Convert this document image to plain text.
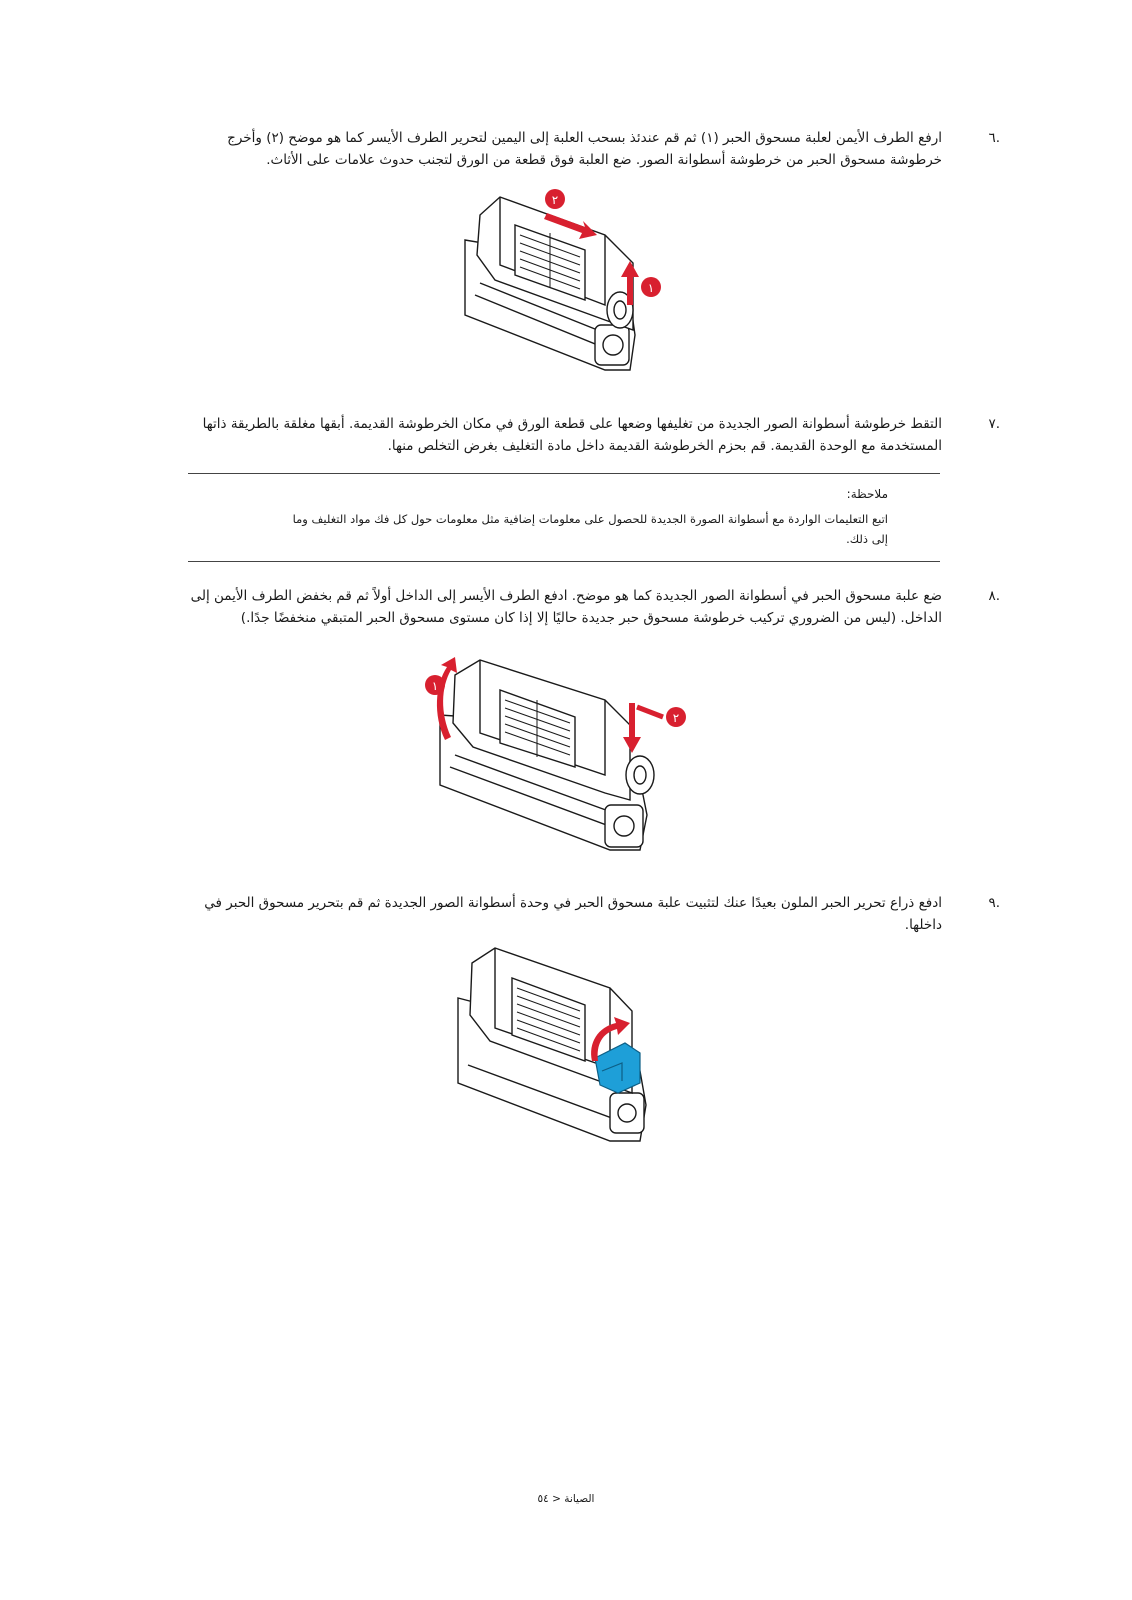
.٦

ارفع الطرف الأيمن لعلبة مسحوق الحبر (١) ثم قم عندئذ بسحب العلبة إلى اليمين لتحرير الطرف الأيسر كما هو موضح (٢) وأخرج

خرطوشة مسحوق الحبر من خرطوشة أسطوانة الصور. ضع العلبة فوق قطعة من الورق لتجنب حدوث علامات على الأثاث.

٢
١
.٧

التقط خرطوشة أسطوانة الصور الجديدة من تغليفها وضعها على قطعة الورق في مكان الخرطوشة القديمة. أبقها مغلقة بالطريقة ذاتها

المستخدمة مع الوحدة القديمة. قم بحزم الخرطوشة القديمة داخل مادة التغليف بغرض التخلص منها.

ملاحظة:
اتبع التعليمات الواردة مع أسطوانة الصورة الجديدة للحصول على معلومات إضافية مثل معلومات حول كل فك مواد التغليف وما
إلى ذلك.
.٨

ضع علبة مسحوق الحبر في أسطوانة الصور الجديدة كما هو موضح. ادفع الطرف الأيسر إلى الداخل أولاً ثم قم بخفض الطرف الأيمن إلى

الداخل. (ليس من الضروري تركيب خرطوشة مسحوق حبر جديدة حاليًا إلا إذا كان مستوى مسحوق الحبر المتبقي منخفضًا جدًا.)

١
٢
.٩

ادفع ذراع تحرير الحبر الملون بعيدًا عنك لتثبيت علبة مسحوق الحبر في وحدة أسطوانة الصور الجديدة ثم قم بتحرير مسحوق الحبر في

داخلها.

الصيانة < ٥٤
